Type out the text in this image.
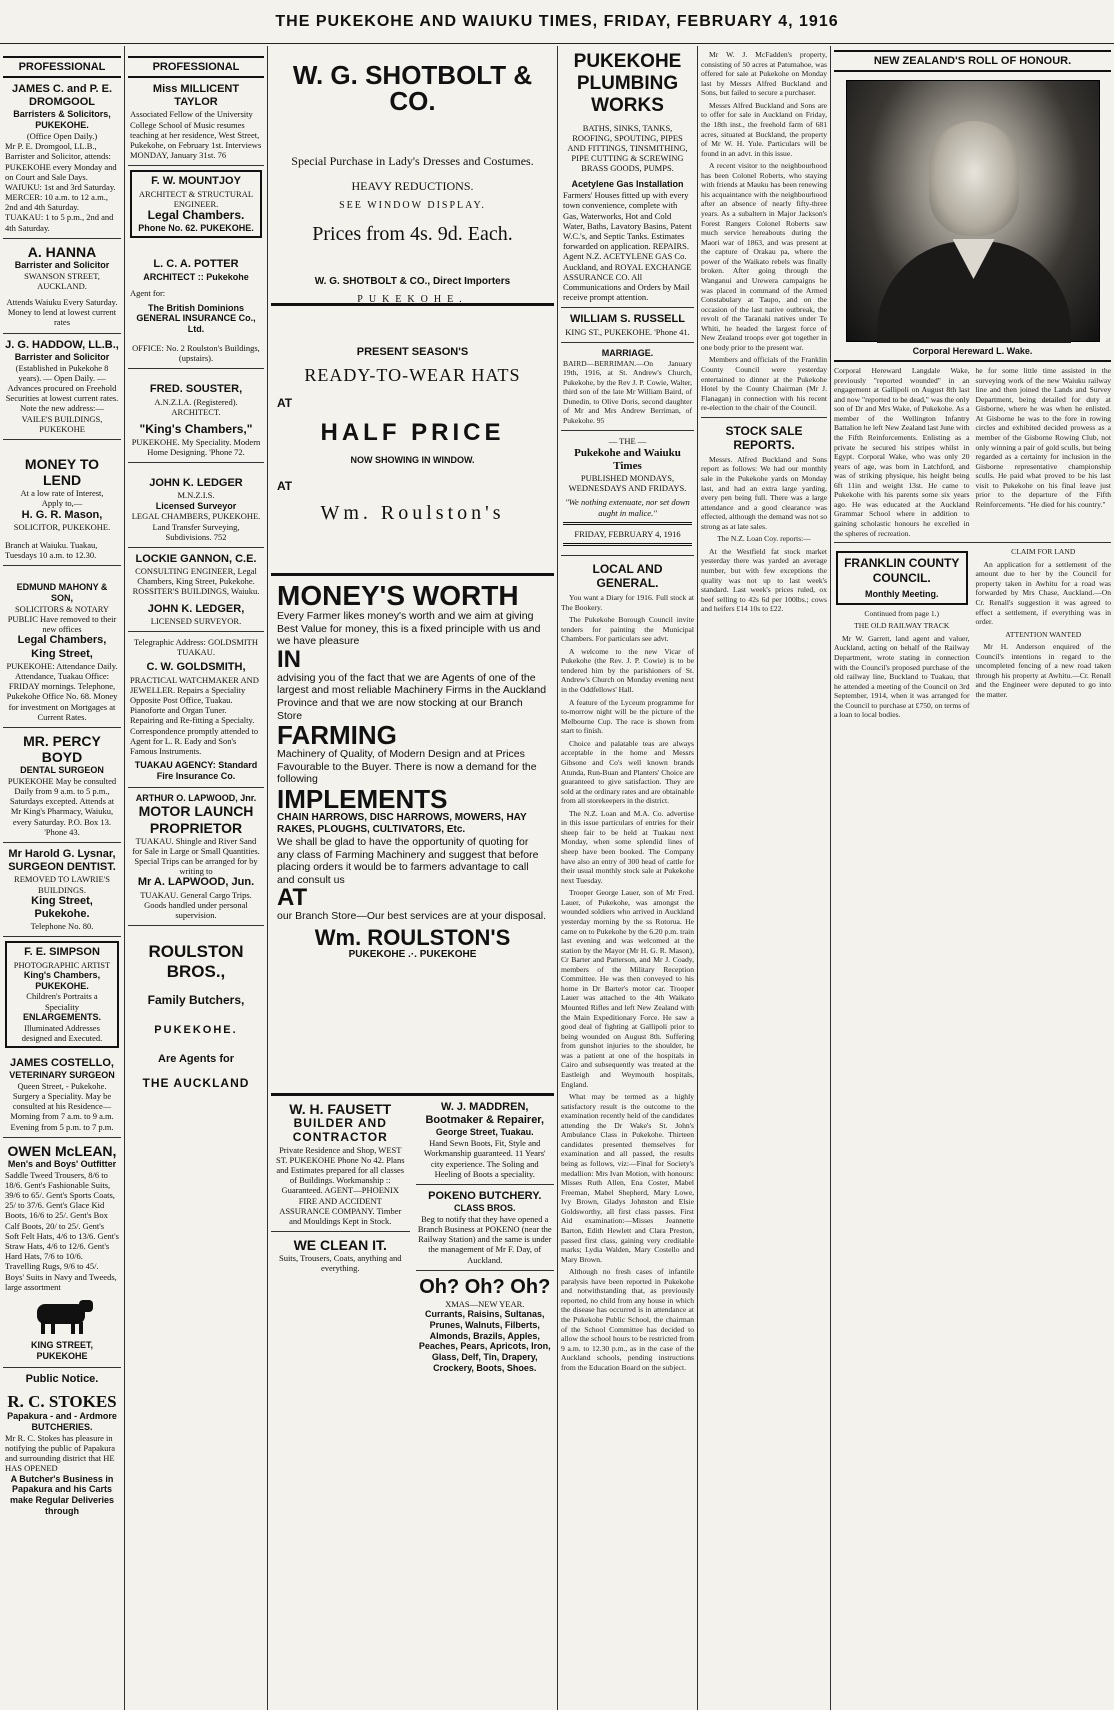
THE PUKEKOHE AND WAIUKU TIMES, FRIDAY, FEBRUARY 4, 1916
PROFESSIONAL
JAMES C. and P. E. DROMGOOL
Barristers & Solicitors, PUKEKOHE.
(Office Open Daily.)
Mr P. E. Dromgool, LL.B., Barrister and Solicitor, attends: PUKEKOHE every Monday and on Court and Sale Days. WAIUKU: 1st and 3rd Saturday. MERCER: 10 a.m. to 12 a.m., 2nd and 4th Saturday. TUAKAU: 1 to 5 p.m., 2nd and 4th Saturday.
A. HANNA
Barrister and Solicitor
SWANSON STREET, AUCKLAND.
Attends Waiuku Every Saturday. Money to lend at lowest current rates
J. G. HADDOW, LL.B.,
Barrister and Solicitor
(Established in Pukekohe 8 years). — Open Daily. — Advances procured on Freehold Securities at lowest current rates. Note the new address:— VAILE'S BUILDINGS, PUKEKOHE
MONEY TO LEND
At a low rate of Interest,
Apply to,—
H. G. R. Mason,
SOLICITOR, PUKEKOHE.
Branch at Waiuku. Tuakau, Tuesdays 10 a.m. to 12.30.
EDMUND MAHONY & SON,
SOLICITORS & NOTARY PUBLIC Have removed to their new offices
Legal Chambers, King Street,
PUKEKOHE: Attendance Daily. Attendance, Tuakau Office: FRIDAY mornings. Telephone, Pukekohe Office No. 68. Money for investment on Mortgages at Current Rates.
MR. PERCY BOYD
DENTAL SURGEON
PUKEKOHE May be consulted Daily from 9 a.m. to 5 p.m., Saturdays excepted. Attends at Mr King's Pharmacy, Waiuku, every Saturday. P.O. Box 13. 'Phone 43.
Mr Harold G. Lysnar, SURGEON DENTIST.
REMOVED TO LAWRIE'S BUILDINGS.
King Street, Pukekohe.
Telephone No. 80.
F. E. SIMPSON
PHOTOGRAPHIC ARTIST
King's Chambers, PUKEKOHE.
Children's Portraits a Speciality
ENLARGEMENTS.
Illuminated Addresses designed and Executed.
JAMES COSTELLO,
VETERINARY SURGEON
Queen Street, - Pukekohe. Surgery a Speciality. May be consulted at his Residence— Morning from 7 a.m. to 9 a.m. Evening from 5 p.m. to 7 p.m.
OWEN McLEAN,
Men's and Boys' Outfitter
Saddle Tweed Trousers, 8/6 to 18/6. Gent's Fashionable Suits, 39/6 to 65/. Gent's Sports Coats, 25/ to 37/6. Gent's Glace Kid Boots, 16/6 to 25/. Gent's Box Calf Boots, 20/ to 25/. Gent's Soft Felt Hats, 4/6 to 13/6. Gent's Straw Hats, 4/6 to 12/6. Gent's Hard Hats, 7/6 to 10/6. Travelling Rugs, 9/6 to 45/. Boys' Suits in Navy and Tweeds, large assortment
KING STREET, PUKEKOHE
Public Notice.
R. C. STOKES
Papakura - and - Ardmore BUTCHERIES.
Mr R. C. Stokes has pleasure in notifying the public of Papakura and surrounding district that HE HAS OPENED
A Butcher's Business in Papakura and his Carts make Regular Deliveries through
PROFESSIONAL
Miss MILLICENT TAYLOR
Associated Fellow of the University College School of Music resumes teaching at her residence, West Street, Pukekohe, on February 1st. Interviews MONDAY, January 31st. 76
F. W. MOUNTJOY
ARCHITECT & STRUCTURAL ENGINEER.
Legal Chambers.
Phone No. 62. PUKEKOHE.
L. C. A. POTTER
ARCHITECT :: Pukekohe
Agent for:
The British Dominions GENERAL INSURANCE Co., Ltd.
OFFICE: No. 2 Roulston's Buildings, (upstairs).
FRED. SOUSTER,
A.N.Z.I.A. (Registered). ARCHITECT.
"King's Chambers,"
PUKEKOHE. My Speciality. Modern Home Designing. 'Phone 72.
JOHN K. LEDGER
M.N.Z.I.S.
Licensed Surveyor
LEGAL CHAMBERS, PUKEKOHE. Land Transfer Surveying, Subdivisions. 752
LOCKIE GANNON, C.E.
CONSULTING ENGINEER, Legal Chambers, King Street, Pukekohe. ROSSITER'S BUILDINGS, Waiuku.
JOHN K. LEDGER,
LICENSED SURVEYOR.
Telegraphic Address: GOLDSMITH TUAKAU.
C. W. GOLDSMITH,
PRACTICAL WATCHMAKER AND JEWELLER. Repairs a Speciality Opposite Post Office, Tuakau. Pianoforte and Organ Tuner. Repairing and Re-fitting a Specialty. Correspondence promptly attended to Agent for L. R. Eady and Son's Famous Instruments.
TUAKAU AGENCY: Standard Fire Insurance Co.
ARTHUR O. LAPWOOD, Jnr.
MOTOR LAUNCH PROPRIETOR
TUAKAU. Shingle and River Sand for Sale in Large or Small Quantities. Special Trips can be arranged for by writing to
Mr A. LAPWOOD, Jun.
TUAKAU. General Cargo Trips. Goods handled under personal supervision.
ROULSTON BROS.,
Family Butchers,
PUKEKOHE.
Are Agents for
THE AUCKLAND
W. G. SHOTBOLT & CO.
Special Purchase in Lady's Dresses and Costumes.
HEAVY REDUCTIONS.
SEE WINDOW DISPLAY.
Prices from 4s. 9d. Each.
W. G. SHOTBOLT & CO., Direct Importers
PUKEKOHE.
PRESENT SEASON'S
READY-TO-WEAR HATS
AT
HALF PRICE
NOW SHOWING IN WINDOW.
AT
Wm. Roulston's
MONEY'S WORTH
Every Farmer likes money's worth and we aim at giving Best Value for money, this is a fixed principle with us and we have pleasure
IN
advising you of the fact that we are Agents of one of the largest and most reliable Machinery Firms in the Auckland Province and that we are now stocking at our Branch Store
FARMING
Machinery of Quality, of Modern Design and at Prices Favourable to the Buyer. There is now a demand for the following
IMPLEMENTS
CHAIN HARROWS, DISC HARROWS, MOWERS, HAY RAKES, PLOUGHS, CULTIVATORS, Etc.
We shall be glad to have the opportunity of quoting for any class of Farming Machinery and suggest that before placing orders it would be to farmers advantage to call and consult us
AT
our Branch Store—Our best services are at your disposal.
Wm. ROULSTON'S
PUKEKOHE .·. PUKEKOHE
W. H. FAUSETT
BUILDER AND CONTRACTOR
Private Residence and Shop, WEST ST. PUKEKOHE Phone No 42. Plans and Estimates prepared for all classes of Buildings. Workmanship :: Guaranteed. AGENT—PHOENIX FIRE AND ACCIDENT ASSURANCE COMPANY. Timber and Mouldings Kept in Stock.
WE CLEAN IT.
Suits, Trousers, Coats, anything and everything.
W. J. MADDREN,
Bootmaker & Repairer,
George Street, Tuakau.
Hand Sewn Boots, Fit, Style and Workmanship guaranteed. 11 Years' city experience. The Soling and Heeling of Boots a speciality.
POKENO BUTCHERY.
CLASS BROS.
Beg to notify that they have opened a Branch Business at POKENO (near the Railway Station) and the same is under the management of Mr F. Day, of Auckland.
Oh? Oh? Oh?
XMAS—NEW YEAR.
Currants, Raisins, Sultanas, Prunes, Walnuts, Filberts, Almonds, Brazils, Apples, Peaches, Pears, Apricots, Iron, Glass, Delf, Tin, Drapery, Crockery, Boots, Shoes.
PUKEKOHE PLUMBING WORKS
BATHS, SINKS, TANKS, ROOFING, SPOUTING, PIPES AND FITTINGS, TINSMITHING, PIPE CUTTING & SCREWING BRASS GOODS, PUMPS.
Acetylene Gas Installation
Farmers' Houses fitted up with every town convenience, complete with Gas, Waterworks, Hot and Cold Water, Baths, Lavatory Basins, Patent W.C.'s, and Septic Tanks. Estimates forwarded on application. REPAIRS. Agent N.Z. ACETYLENE GAS Co. Auckland, and ROYAL EXCHANGE ASSURANCE CO. All Communications and Orders by Mail receive prompt attention.
WILLIAM S. RUSSELL
KING ST., PUKEKOHE. 'Phone 41.
MARRIAGE.
BAIRD—BERRIMAN.—On January 19th, 1916, at St. Andrew's Church, Pukekohe, by the Rev J. P. Cowie, Walter, third son of the late Mr William Baird, of Dunedin, to Olive Doris, second daughter of Mr and Mrs Andrew Berriman, of Pukekohe. 95
— THE —
Pukekohe and Waiuku Times
PUBLISHED MONDAYS, WEDNESDAYS AND FRIDAYS.
"We nothing extenuate, nor set down aught in malice."
FRIDAY, FEBRUARY 4, 1916
LOCAL AND GENERAL.

You want a Diary for 1916. Full stock at The Bookery.

The Pukekohe Borough Council invite tenders for painting the Municipal Chambers. For particulars see advt.

A welcome to the new Vicar of Pukekohe (the Rev. J. P. Cowie) is to be tendered him by the parishioners of St. Andrew's Church on Monday evening next in the Oddfellows' Hall.

A feature of the Lyceum programme for to-morrow night will be the picture of the Melbourne Cup. The race is shown from start to finish.

Choice and palatable teas are always acceptable in the home and Messrs Gibsone and Co's well known brands Atunda, Run-Buan and Planters' Choice are guaranteed to give satisfaction. They are sold at the ordinary rates and are obtainable from all storekeepers in the district.

The N.Z. Loan and M.A. Co. advertise in this issue particulars of entries for their sheep fair to be held at Tuakau next Monday, when some splendid lines of sheep have been booked. The Company have also an entry of 300 head of cattle for their usual monthly stock sale at Pukekohe next Tuesday.

Trooper George Lauer, son of Mr Fred. Lauer, of Pukekohe, was amongst the wounded soldiers who arrived in Auckland yesterday morning by the ss Rotorua. He came on to Pukekohe by the 6.20 p.m. train last evening and was welcomed at the station by the Mayor (Mr H. G. R. Mason), Cr Barter and Patterson, and Mr J. Coady, members of the Military Reception Committee. He was then conveyed to his home in Dr Barter's motor car. Trooper Lauer was attached to the 4th Waikato Mounted Rifles and left New Zealand with the Main Expeditionary Force. He saw a good deal of fighting at Gallipoli prior to being wounded on August 8th. Suffering from gunshot injuries to the shoulder, he was a patient at one of the hospitals in Cairo and subsequently was treated at the Eastleigh and Weymouth hospitals, England.

What may be termed as a highly satisfactory result is the outcome to the examination recently held of the candidates attending the Dr Wake's St. John's Ambulance Class in Pukekohe. Thirteen candidates presented themselves for examination and all passed, the results being as follows, viz:—Final for Society's medallion: Mrs Ivan Motion, with honours: Misses Ruth Allen, Ena Coster, Mabel Freeman, Mabel Shepherd, Mary Lowe, Ivy Brown, Gladys Johnston and Elsie Goldsworthy, all first class passes. First Aid examination:—Misses Jeannette Barton, Edith Hewlett and Clara Preston, passed first class, gaining very creditable marks; Lydia Walden, Mary Costello and Mary Brown.

Although no fresh cases of infantile paralysis have been reported in Pukekohe and notwithstanding that, as previously reported, no child from any house in which the disease has occurred is in attendance at the Pukekohe Public School, the chairman of the School Committee has decided to allow the school hours to be restricted from 9 a.m. to 12.30 p.m., as in the case of the Auckland schools, pending instructions from the Education Board on the subject.

Mr W. J. McFadden's property, consisting of 50 acres at Patumahoe, was offered for sale at Pukekohe on Monday last by Messrs Alfred Buckland and Sons, but failed to secure a purchaser.

Messrs Alfred Buckland and Sons are to offer for sale in Auckland on Friday, the 18th inst., the freehold farm of 681 acres, situated at Buckland, the property of Mr W. H. Yule. Particulars will be found in an advt. in this issue.

A recent visitor to the neighbourhood has been Colonel Roberts, who staying with friends at Mauku has been renewing his acquaintance with the neighbourhood after an absence of nearly fifty-three years. As a subaltern in Major Jackson's Forest Rangers Colonel Roberts saw much service hereabouts during the Maori war of 1863, and was present at the capture of Orakau pa, where the power of the Waikato rebels was finally broken. After going through the Wanganui and Urewera campaigns he was placed in command of the Armed Constabulary at Taupo, and on the occasion of the last native outbreak, the revolt of the Taranaki natives under Te Whiti, he headed the largest force of New Zealand troops ever got together in one body prior to the present war.

Members and officials of the Franklin County Council were yesterday entertained to dinner at the Pukekohe Hotel by the County Chairman (Mr J. Flanagan) in connection with his recent re-election to the chair of the Council.

STOCK SALE REPORTS.

Messrs. Alfred Buckland and Sons report as follows: We had our monthly sale in the Pukekohe yards on Monday last, and had an extra large yarding, every pen being full. There was a large attendance and a good clearance was effected, although the demand was not so strong as at late sales.

The N.Z. Loan Coy. reports:—

At the Westfield fat stock market yesterday there was yarded an average number, but with few exceptions the quality was not up to last week's standard. Last week's prices ruled, ox beef selling to 42s 6d per 100lbs.; cows and heifers £14 10s to £22.

NEW ZEALAND'S ROLL OF HONOUR.
Corporal Hereward L. Wake.
Corporal Hereward Langdale Wake, previously "reported wounded" in an engagement at Gallipoli on August 8th last and now "reported to be dead," was the only son of Dr and Mrs Wake, of Pukekohe. As a member of the Wellington Infantry Battalion he left New Zealand last June with the Fifth Reinforcements. Enlisting as a private he secured his stripes whilst in Egypt. Corporal Wake, who was only 20 years of age, was born in Latchford, and was of striking physique, his height being 6ft 11in and weight 13st. He came to Pukekohe with his parents some six years ago. He was educated at the Auckland Grammar School where in addition to gaining scholastic honours he excelled in the spheres of recreation.
he for some little time assisted in the surveying work of the new Waiuku railway line and then joined the Lands and Survey Department, being detailed for duty at Gisborne, where he was when he enlisted. At Gisborne he was to the fore in rowing circles and exhibited decided prowess as a member of the Gisborne Rowing Club, not only winning a pair of gold sculls, but being regarded as a certainty for inclusion in the Gisborne representative championship sculls. He paid what proved to be his last visit to Pukekohe on his final leave just prior to the departure of the Fifth Reinforcements. "He died for his country."
FRANKLIN COUNTY COUNCIL.
Monthly Meeting.

Continued from page 1.)

THE OLD RAILWAY TRACK

Mr W. Garrett, land agent and valuer, Auckland, acting on behalf of the Railway Department, wrote stating in connection with the Council's proposed purchase of the old railway line, Buckland to Tuakau, that he attended a meeting of the Council on 3rd September, 1914, when it was arranged for the Council to purchase at £750, on terms of a loan to local bodies.

CLAIM FOR LAND

An application for a settlement of the amount due to her by the Council for property taken in Awhitu for a road was forwarded by Mrs Chase, Auckland.—On Cr. Renall's suggestion it was agreed to effect a settlement, if everything was in order.

ATTENTION WANTED

Mr H. Anderson enquired of the Council's intentions in regard to the uncompleted fencing of a new road taken through his property at Awhitu.—Cr. Renall and the Engineer were deputed to go into the matter.
